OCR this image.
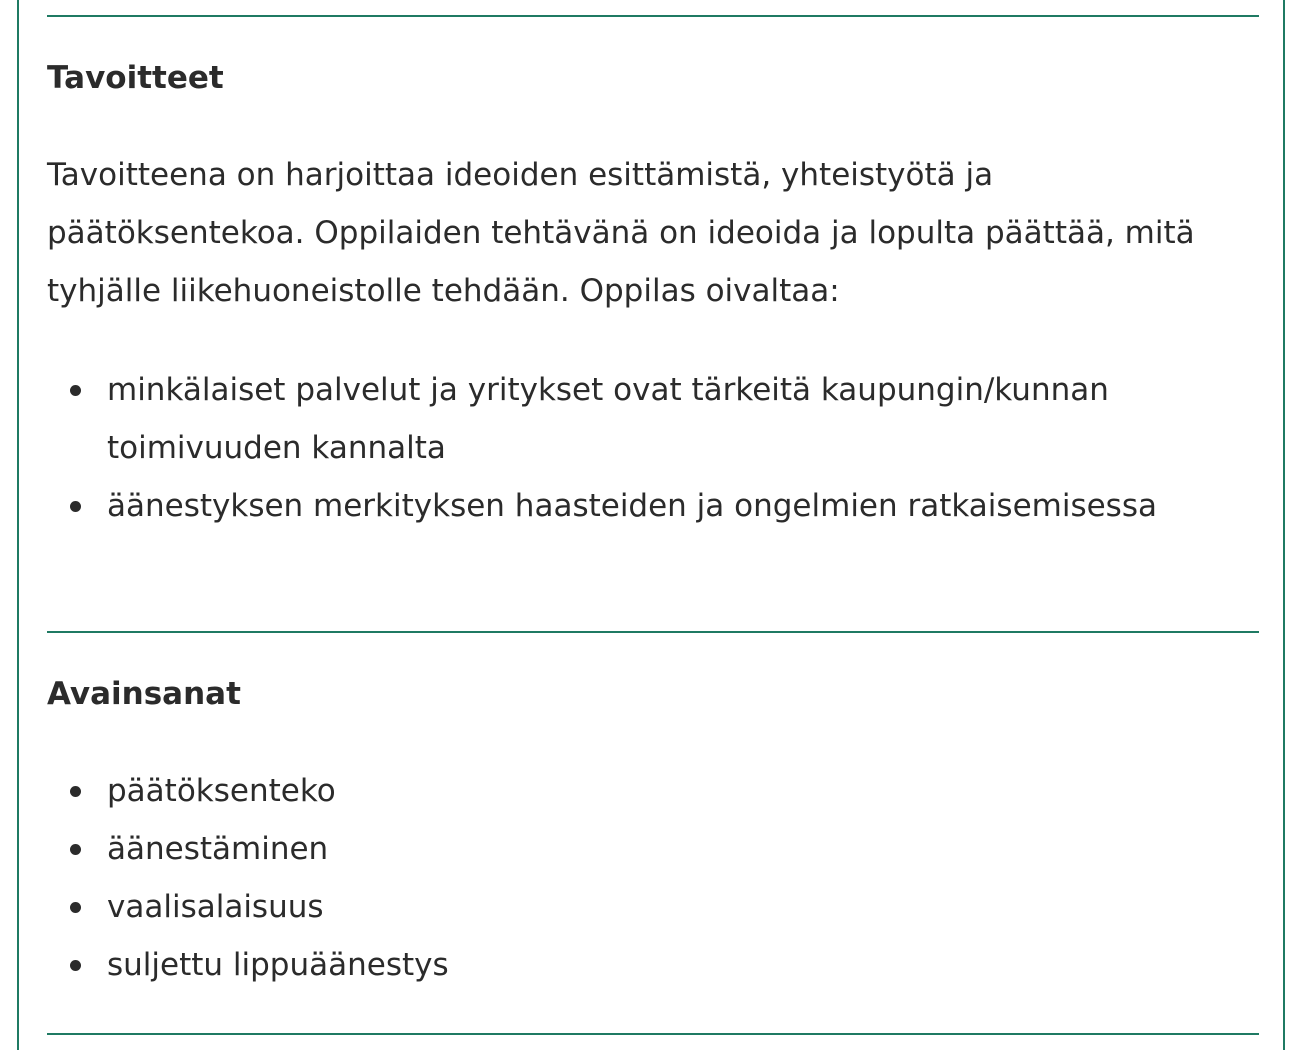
Tavoitteet

Tavoitteena on harjoittaa ideoiden esittämistä, yhteistyötä ja päätöksentekoa. Oppilaiden tehtävänä on ideoida ja lopulta päättää, mitä tyhjälle liikehuoneistolle tehdään. Oppilas oivaltaa:

minkälaiset palvelut ja yritykset ovat tärkeitä kaupungin/kunnan toimivuuden kannalta
äänestyksen merkityksen haasteiden ja ongelmien ratkaisemisessa
Avainsanat
päätöksenteko
äänestäminen
vaalisalaisuus
suljettu lippuäänestys
